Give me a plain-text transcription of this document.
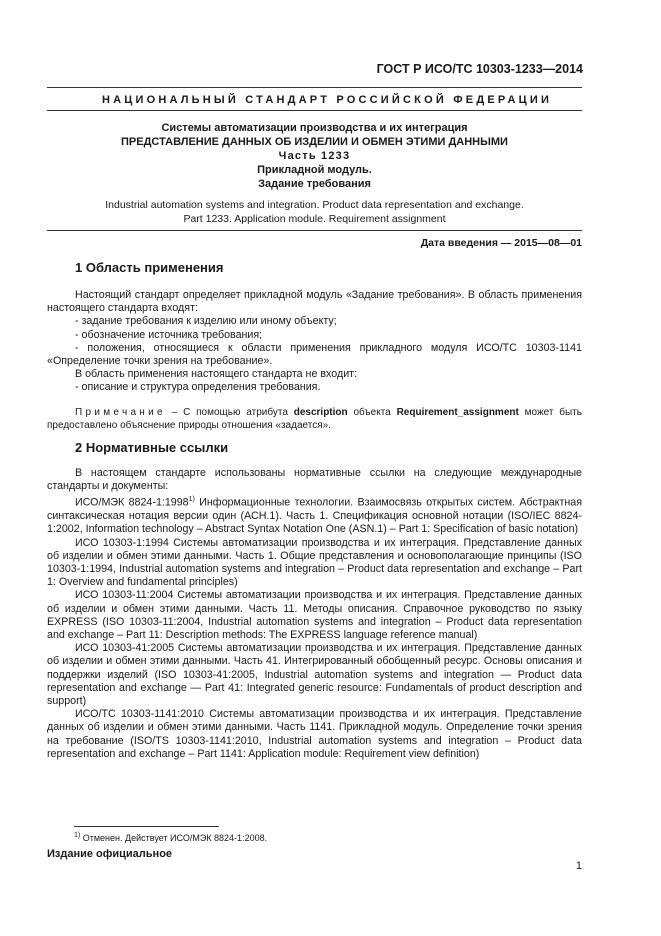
ГОСТ Р ИСО/ТС 10303-1233—2014
НАЦИОНАЛЬНЫЙ СТАНДАРТ РОССИЙСКОЙ ФЕДЕРАЦИИ
Системы автоматизации производства и их интеграция
ПРЕДСТАВЛЕНИЕ ДАННЫХ ОБ ИЗДЕЛИИ И ОБМЕН ЭТИМИ ДАННЫМИ
Часть 1233
Прикладной модуль.
Задание требования
Industrial automation systems and integration. Product data representation and exchange.
Part 1233. Application module. Requirement assignment
Дата введения — 2015—08—01
1 Область применения

Настоящий стандарт определяет прикладной модуль «Задание требования». В область применения настоящего стандарта входят:

- задание требования к изделию или иному объекту;

- обозначение источника требования;

- положения, относящиеся к области применения прикладного модуля ИСО/ТС 10303-1141 «Определение точки зрения на требование».

В область применения настоящего стандарта не входит:

- описание и структура определения требования.

Примечание – С помощью атрибута description объекта Requirement_assignment может быть предоставлено объяснение природы отношения «задается».

2 Нормативные ссылки

В настоящем стандарте использованы нормативные ссылки на следующие международные стандарты и документы:

ИСО/МЭК 8824-1:1998$^{1)}$ Информационные технологии. Взаимосвязь открытых систем. Абстрактная синтаксическая нотация версии один (АСН.1). Часть 1. Спецификация основной нотации (ISO/IEC 8824-1:2002, Information technology – Abstract Syntax Notation One (ASN.1) – Part 1: Specification of basic notation)

ИСО 10303-1:1994 Системы автоматизации производства и их интеграция. Представление данных об изделии и обмен этими данными. Часть 1. Общие представления и основополагающие принципы (ISO 10303-1:1994, Industrial automation systems and integration – Product data representation and exchange – Part 1: Overview and fundamental principles)

ИСО 10303-11:2004 Системы автоматизации производства и их интеграция. Представление данных об изделии и обмен этими данными. Часть 11. Методы описания. Справочное руководство по языку EXPRESS (ISO 10303-11:2004, Industrial automation systems and integration – Product data representation and exchange – Part 11: Description methods: The EXPRESS language reference manual)

ИСО 10303-41:2005 Системы автоматизации производства и их интеграция. Представление данных об изделии и обмен этими данными. Часть 41. Интегрированный обобщенный ресурс. Основы описания и поддержки изделий (ISO 10303-41:2005, Industrial automation systems and integration — Product data representation and exchange — Part 41: Integrated generic resource: Fundamentals of product description and support)

ИСО/ТС 10303-1141:2010 Системы автоматизации производства и их интеграция. Представление данных об изделии и обмен этими данными. Часть 1141. Прикладной модуль. Определение точки зрения на требование (ISO/TS 10303-1141:2010, Industrial automation systems and integration – Product data representation and exchange – Part 1141: Application module: Requirement view definition)

$^{1)}$ Отменен. Действует ИСО/МЭК 8824-1:2008.
Издание официальное
1
